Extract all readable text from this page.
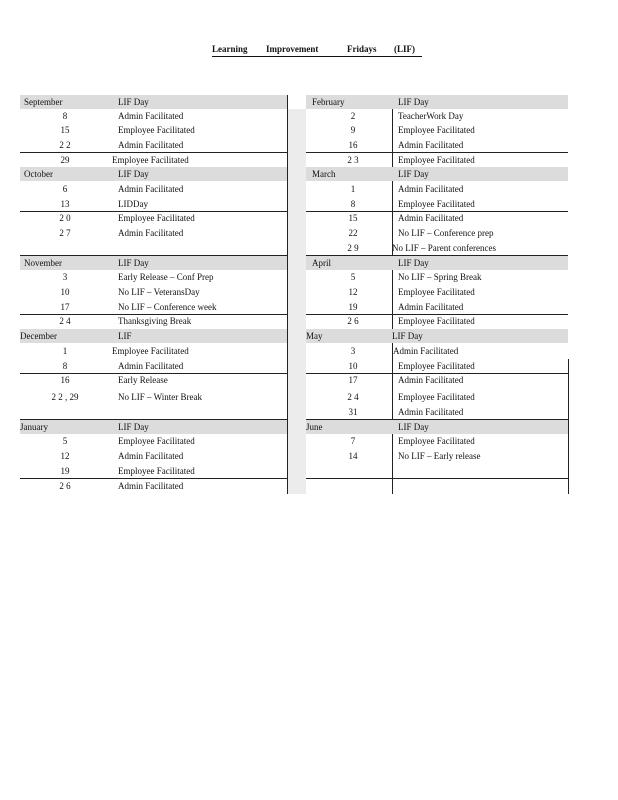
Learning Improvement	Fridays (LIF)
September	LIF Day
8	Admin Facilitated
15	Employee Facilitated
2 2	Admin Facilitated
29	Employee Facilitated
October	LIF Day
6	Admin Facilitated
13	LIDDay
2 0	Employee Facilitated
2 7	Admin Facilitated
November	LIF Day
3	Early Release – Conf Prep
10	No LIF – VeteransDay
17	No LIF – Conference week
2 4	Thanksgiving Break
December	LIF
1	Employee Facilitated
8	Admin Facilitated
16	Early Release
2 2 , 29	No LIF – Winter Break
January	LIF Day
5	Employee Facilitated
12	Admin Facilitated
19	Employee Facilitated
2 6	Admin Facilitated
February	LIF Day
2	TeacherWork Day
9	Employee Facilitated
16	Admin Facilitated
2 3	Employee Facilitated
March	LIF Day
1	Admin Facilitated
8	Employee Facilitated
15	Admin Facilitated
22	No LIF – Conference prep
2 9	No LIF – Parent conferences
April	LIF Day
5	No LIF – Spring Break
12	Employee Facilitated
19	Admin Facilitated
2 6	Employee Facilitated
May	LIF Day
3	Admin Facilitated
10	Employee Facilitated
17	Admin Facilitated
2 4	Employee Facilitated
31	Admin Facilitated
June	LIF Day
7	Employee Facilitated
14	No LIF – Early release
